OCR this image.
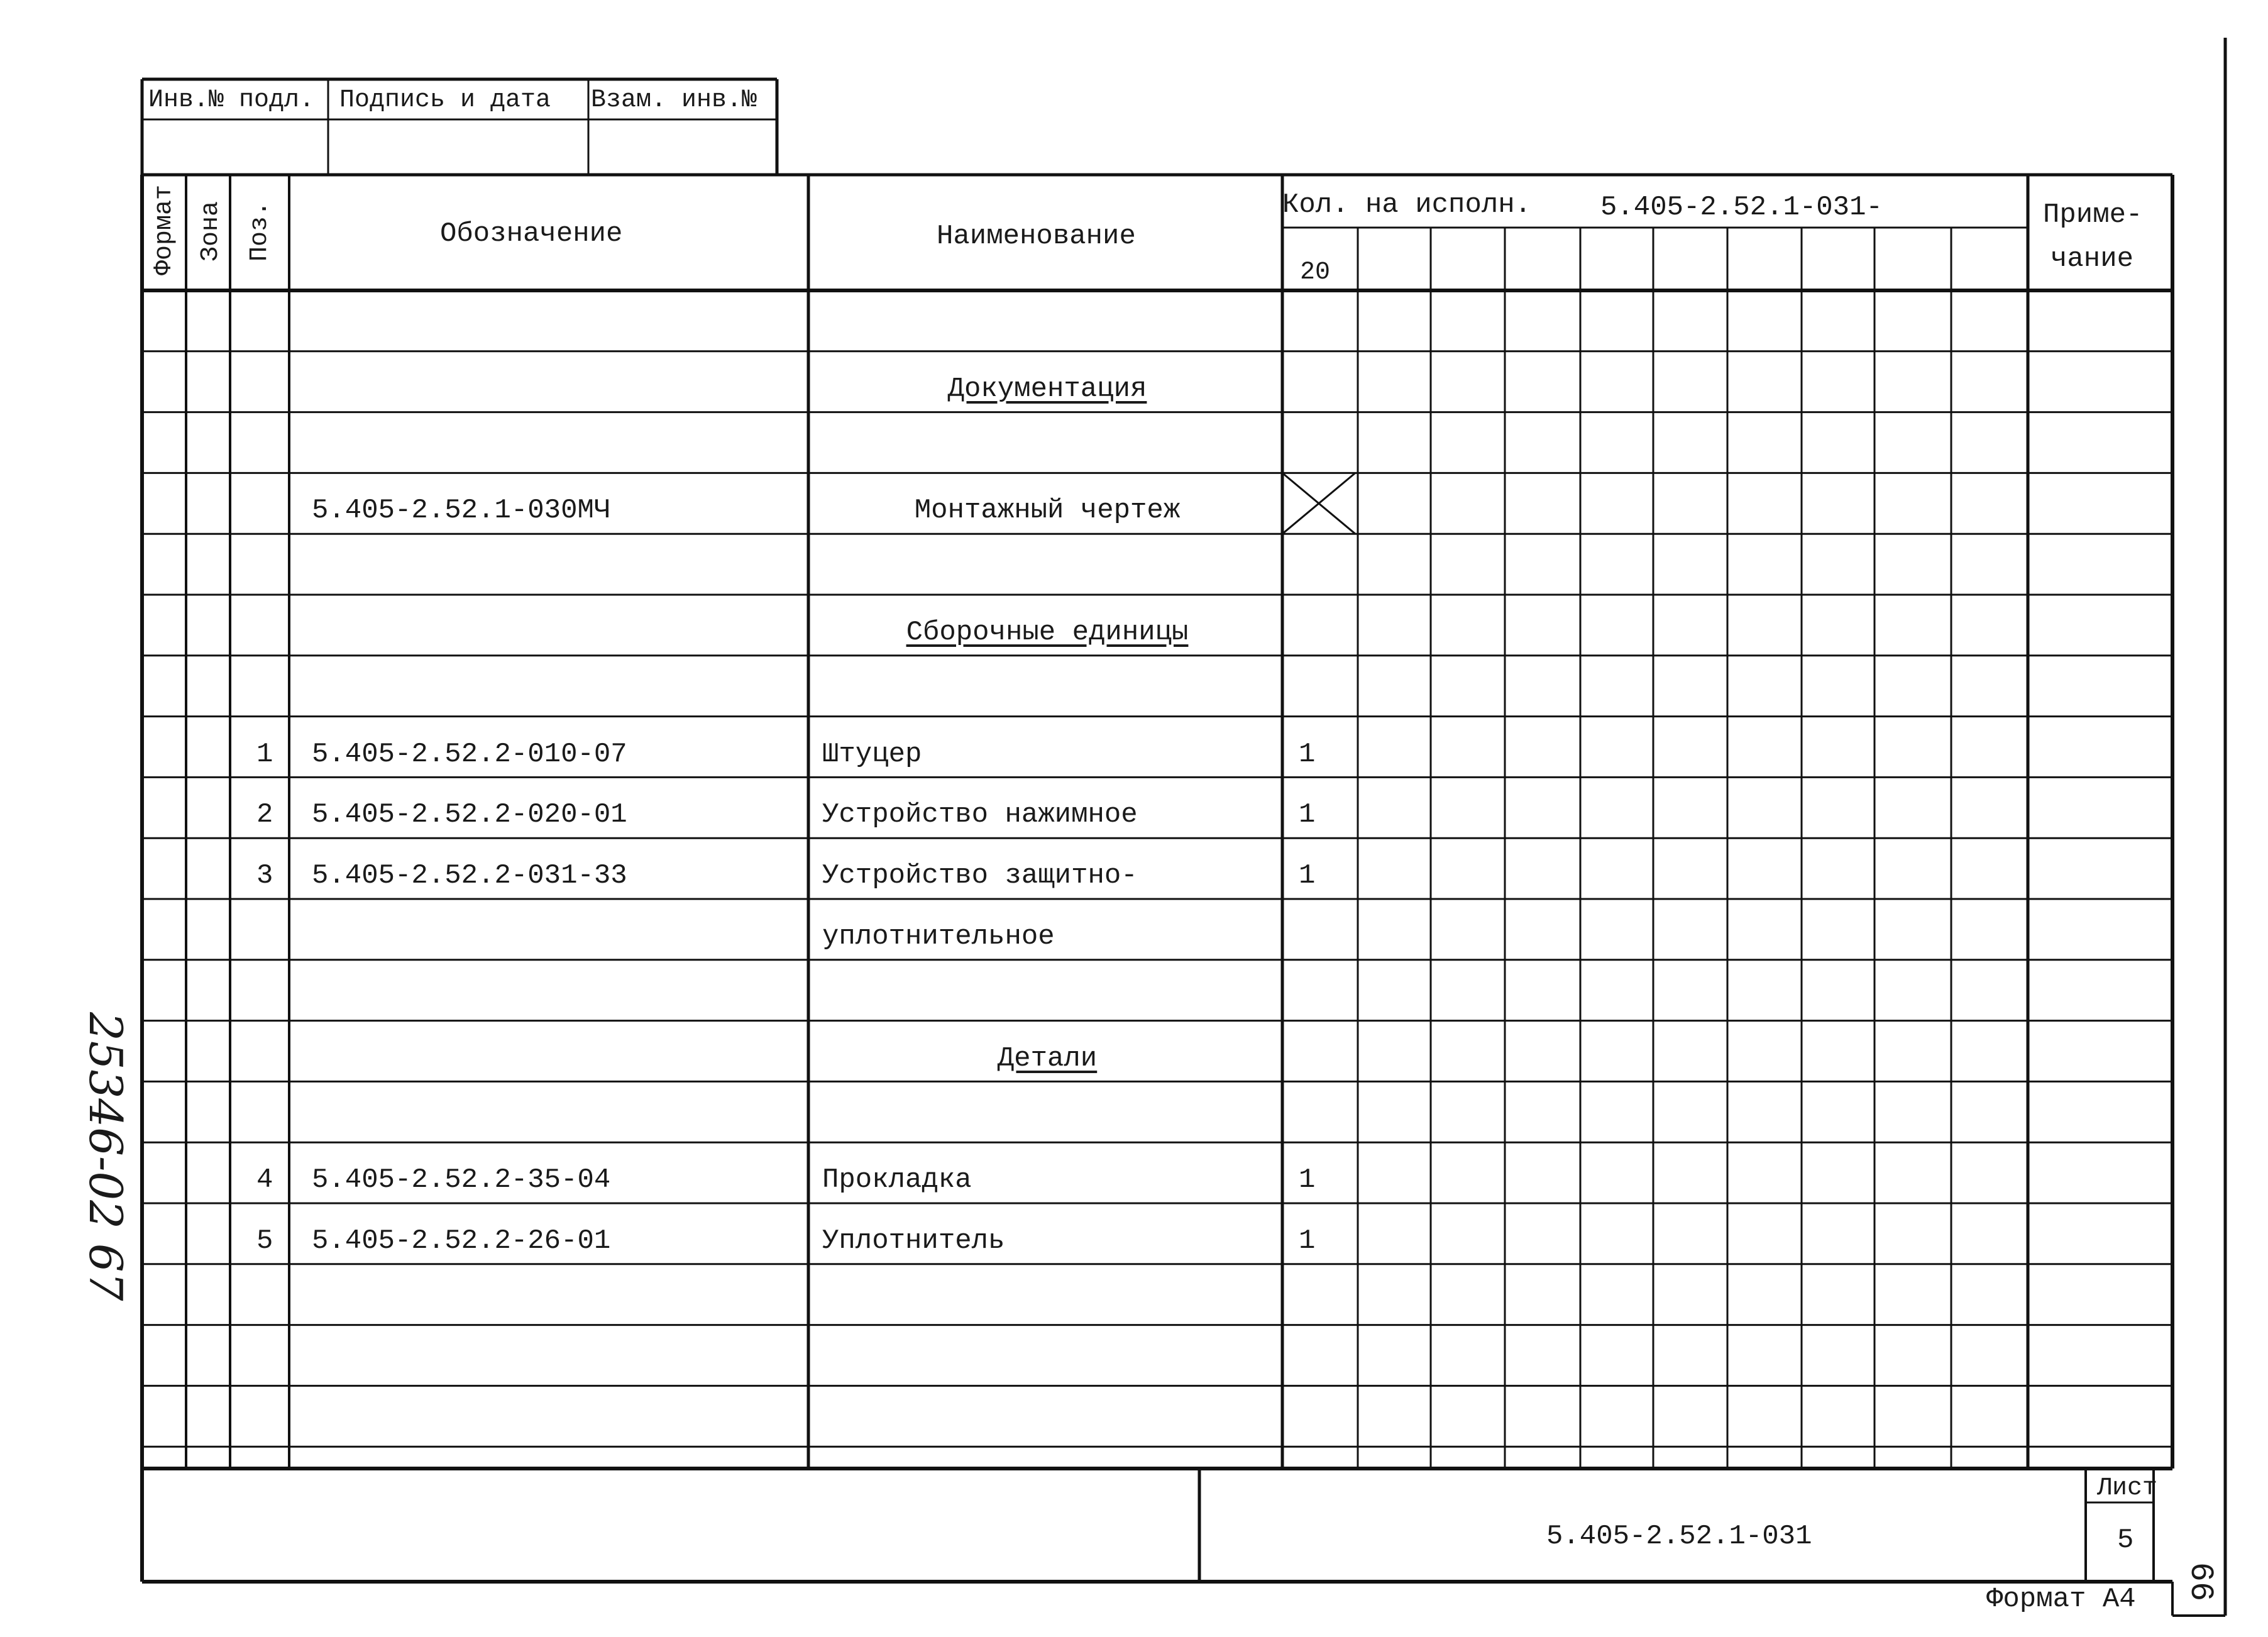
Инв.№ подл. Подпись и дата Взам. инв.№
Формат Зона Поз.	Обозначение	Наименование
Кол. на исполн. 5.405-2.52.1-031-
20
Приме-
чание
Документация
5.405-2.52.1-030МЧ	Монтажный чертеж
Сборочные единицы
1 5.405-2.52.2-010-07	Штуцер	1
2 5.405-2.52.2-020-01	Устройство нажимное	1
3 5.405-2.52.2-031-33	Устройство защитно-	1
уплотнительное
Детали
4 5.405-2.52.2-35-04	Прокладка	1
5 5.405-2.52.2-26-01	Уплотнитель	1
5.405-2.52.1-031
Лист
5
Формат А4 66
25346-02 67
